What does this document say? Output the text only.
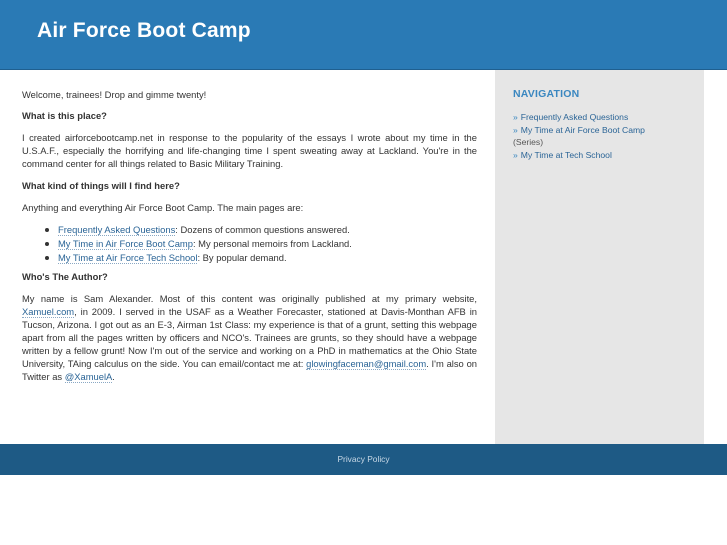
Air Force Boot Camp

Welcome, trainees! Drop and gimme twenty!

What is this place?

I created airforcebootcamp.net in response to the popularity of the essays I wrote about my time in the U.S.A.F., especially the horrifying and life-changing time I spent sweating away at Lackland. You're in the command center for all things related to Basic Military Training.

What kind of things will I find here?

Anything and everything Air Force Boot Camp. The main pages are:

Frequently Asked Questions: Dozens of common questions answered.
My Time in Air Force Boot Camp: My personal memoirs from Lackland.
My Time at Air Force Tech School: By popular demand.
Who's The Author?

My name is Sam Alexander. Most of this content was originally published at my primary website, Xamuel.com, in 2009. I served in the USAF as a Weather Forecaster, stationed at Davis-Monthan AFB in Tucson, Arizona. I got out as an E-3, Airman 1st Class: my experience is that of a grunt, setting this webpage apart from all the pages written by officers and NCO's. Trainees are grunts, so they should have a webpage written by a fellow grunt! Now I'm out of the service and working on a PhD in mathematics at the Ohio State University, TAing calculus on the side. You can email/contact me at: glowingfaceman@gmail.com. I'm also on Twitter as @XamuelA.

NAVIGATION
» Frequently Asked Questions
» My Time at Air Force Boot Camp
(Series)
» My Time at Tech School
Privacy Policy
